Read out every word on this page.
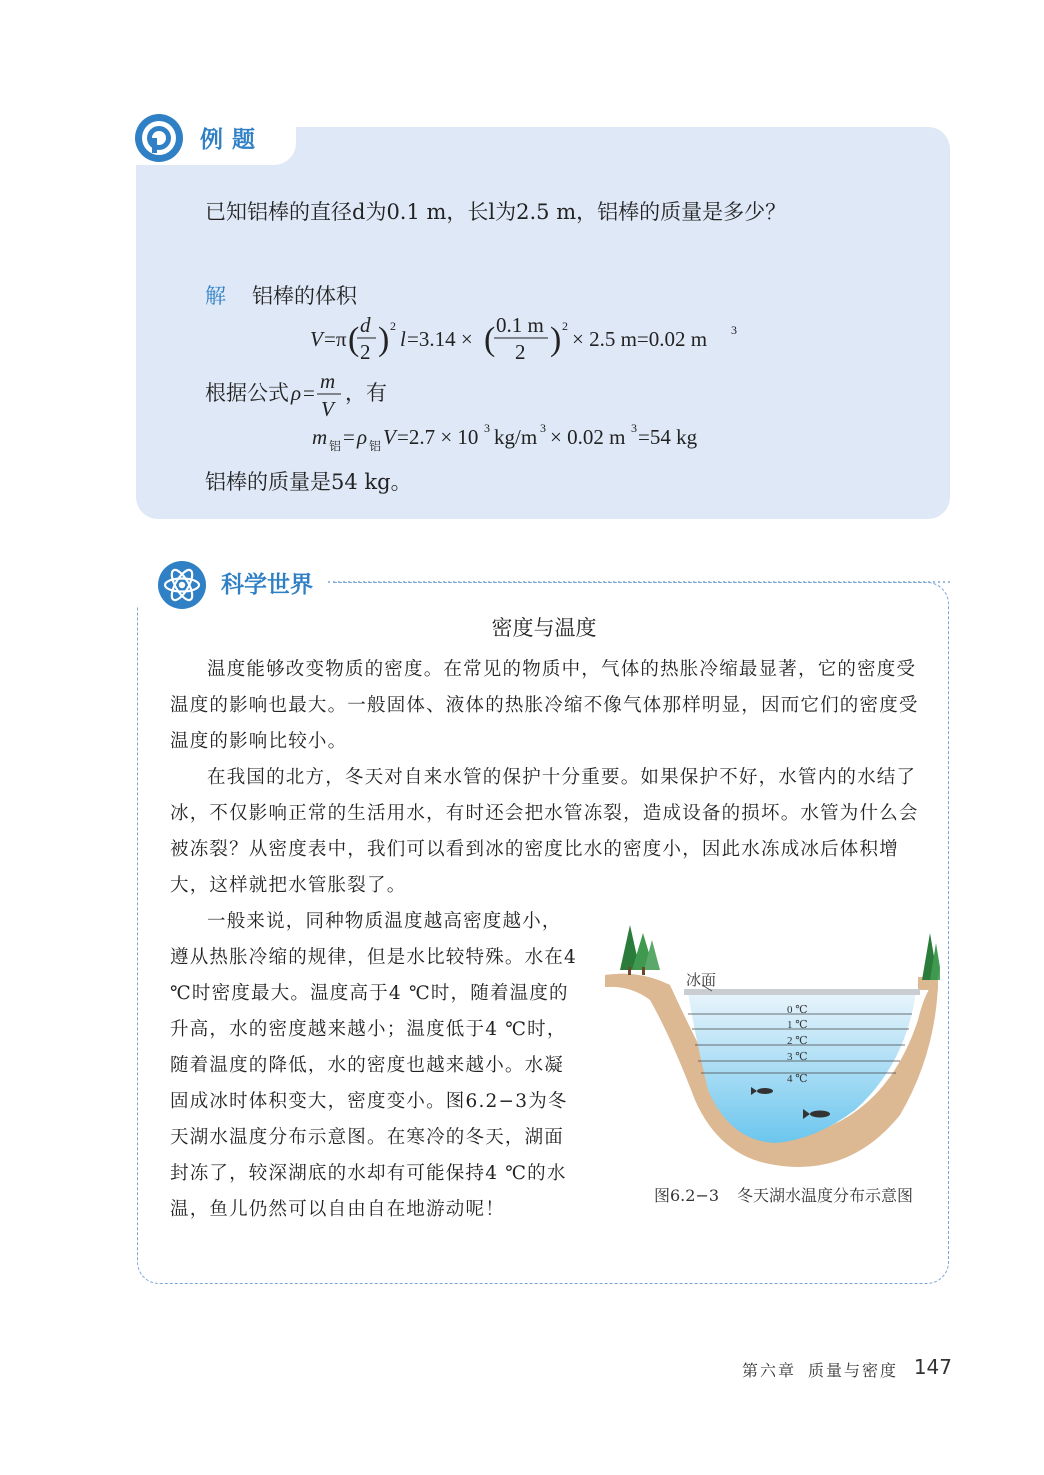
例题
已知铝棒的直径d为0.1 m，长l为2.5 m，铝棒的质量是多少？
解 铝棒的体积
V =π ( d
2 ) 2
l =3.14 × ( 0.1 m
2 ) 2
× 2.5 m=0.02 m 3
根据公式 ρ = m
V
，有
m 铝 = ρ 铝 V =2.7 × 10 3 kg/m 3 × 0.02 m 3 =54 kg
铝棒的质量是54 kg。
科学世界
密度与温度

温度能够改变物质的密度。在常见的物质中，气体的热胀冷缩最显著，它的密度受温度的影响也最大。一般固体、液体的热胀冷缩不像气体那样明显，因而它们的密度受温度的影响比较小。

在我国的北方，冬天对自来水管的保护十分重要。如果保护不好，水管内的水结了冰，不仅影响正常的生活用水，有时还会把水管冻裂，造成设备的损坏。水管为什么会被冻裂？从密度表中，我们可以看到冰的密度比水的密度小，因此水冻成冰后体积增大，这样就把水管胀裂了。

一般来说，同种物质温度越高密度越小，遵从热胀冷缩的规律，但是水比较特殊。水在4 ℃时密度最大。温度高于4 ℃时，随着温度的升高，水的密度越来越小；温度低于4 ℃时，随着温度的降低，水的密度也越来越小。水凝固成冰时体积变大，密度变小。图6.2−3为冬天湖水温度分布示意图。在寒冷的冬天，湖面封冻了，较深湖底的水却有可能保持4 ℃的水温，鱼儿仍然可以自由自在地游动呢！

0 ℃
1 ℃
2 ℃
3 ℃
4 ℃
冰面
图6.2−3 冬天湖水温度分布示意图
第六章 质量与密度 147
